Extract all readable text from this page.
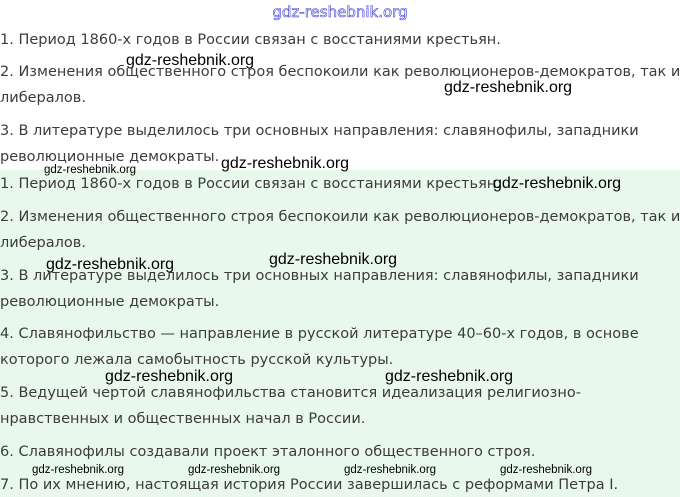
gdz-reshebnik.org
1. Период 1860-х годов в России связан с восстаниями крестьян.
2. Изменения общественного строя беспокоили как революционеров-демократов, так и
либералов.
3. В литературе выделилось три основных направления: славянофилы, западники
революционные демократы.
1. Период 1860-х годов в России связан с восстаниями крестьян.
2. Изменения общественного строя беспокоили как революционеров-демократов, так и
либералов.
3. В литературе выделилось три основных направления: славянофилы, западники
революционные демократы.
4. Славянофильство — направление в русской литературе 40–60-х годов, в основе
которого лежала самобытность русской культуры.
5. Ведущей чертой славянофильства становится идеализация религиозно-
нравственных и общественных начал в России.
6. Славянофилы создавали проект эталонного общественного строя.
7. По их мнению, настоящая история России завершилась с реформами Петра I.
gdz-reshebnik.org
gdz-reshebnik.org
gdz-reshebnik.org
gdz-reshebnik.org
gdz-reshebnik.org
gdz-reshebnik.org
gdz-reshebnik.org
gdz-reshebnik.org	gdz-reshebnik.org
gdz-reshebnik.org	gdz-reshebnik.org	gdz-reshebnik.org	gdz-reshebnik.org
